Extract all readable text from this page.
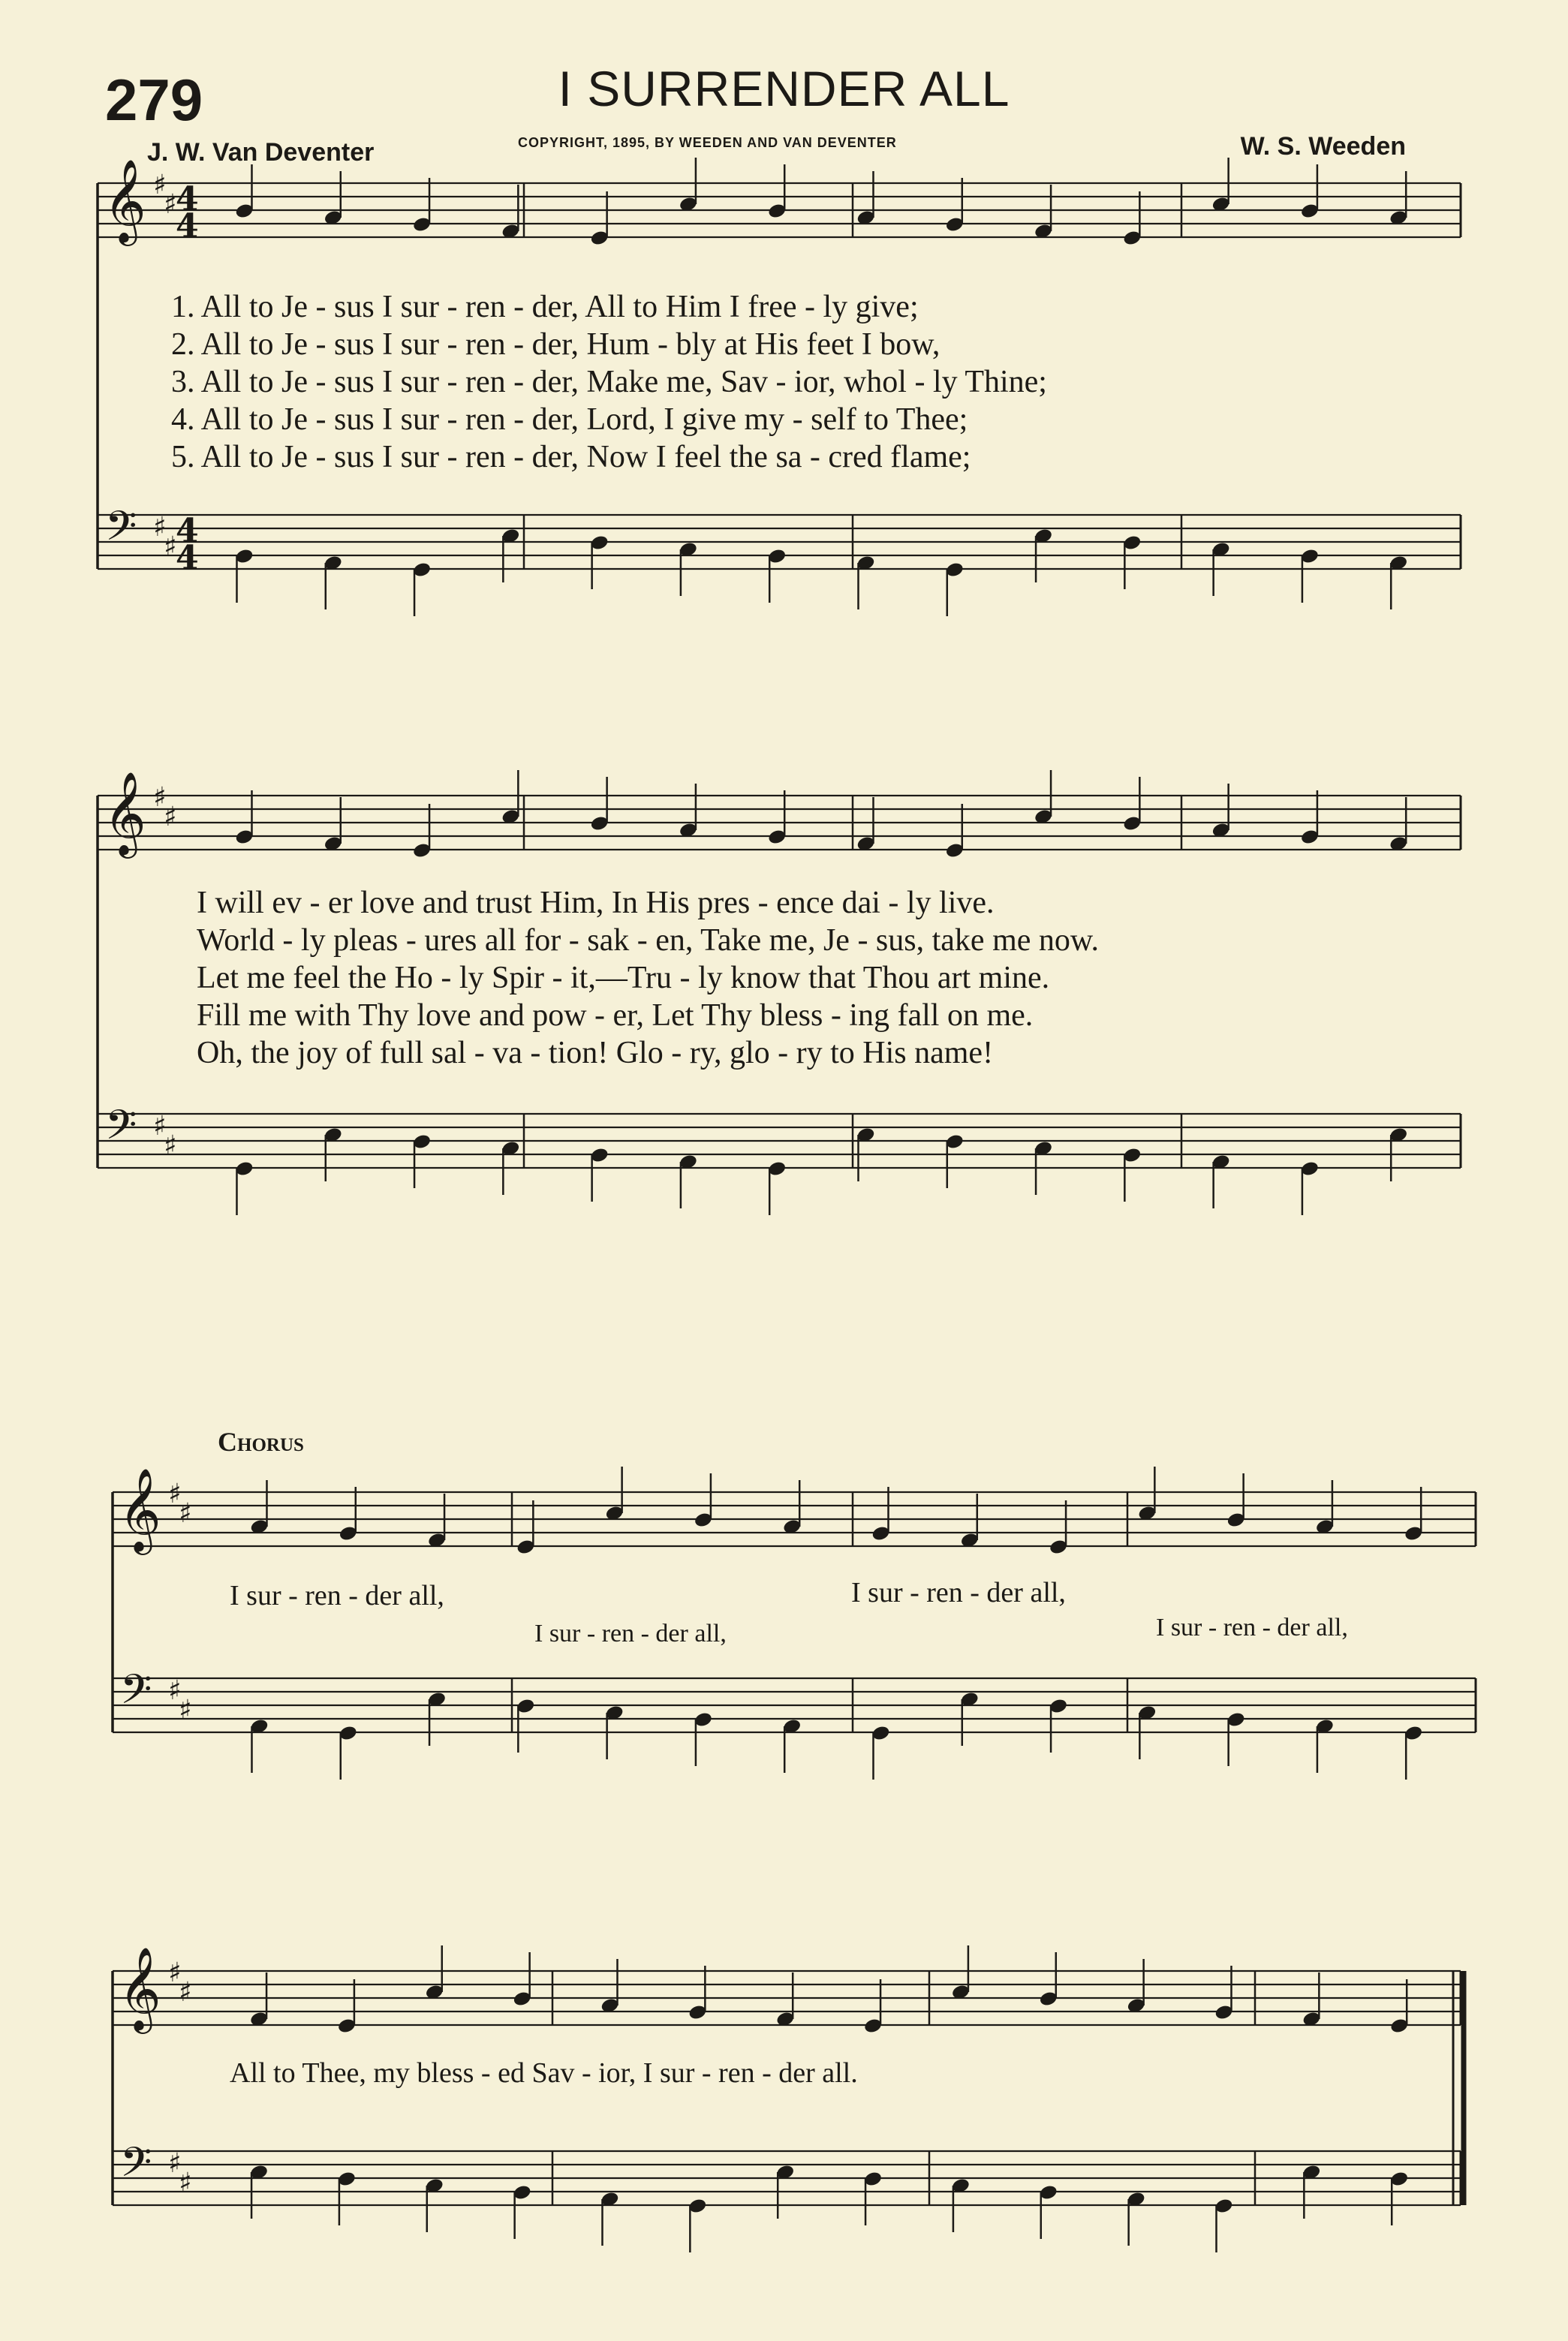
279	I SURRENDER ALL
J. W. Van Deventer	COPYRIGHT, 1895, BY WEEDEN AND VAN DEVENTER	W. S. Weeden
𝄞
𝄢
♯
♯
♯
♯
4
4
4
4
𝄞
𝄢
♯
♯
♯
♯
𝄞
𝄢
♯
♯
♯
♯
𝄞
𝄢
♯
♯
♯
♯
1. All to Je - sus I sur - ren - der, All to Him I free - ly give;
2. All to Je - sus I sur - ren - der, Hum - bly at His feet I bow,
3. All to Je - sus I sur - ren - der, Make me, Sav - ior, whol - ly Thine;
4. All to Je - sus I sur - ren - der, Lord, I give my - self to Thee;
5. All to Je - sus I sur - ren - der, Now I feel the sa - cred flame;
I will ev - er love and trust Him, In His pres - ence dai - ly live.
World - ly pleas - ures all for - sak - en, Take me, Je - sus, take me now.
Let me feel the Ho - ly Spir - it,—Tru - ly know that Thou art mine.
Fill me with Thy love and pow - er, Let Thy bless - ing fall on me.
Oh, the joy of full sal - va - tion! Glo - ry, glo - ry to His name!
Chorus
I sur - ren - der all,	I sur - ren - der all,
I sur - ren - der all,	I sur - ren - der all,
All to Thee, my bless - ed Sav - ior, I sur - ren - der all.
